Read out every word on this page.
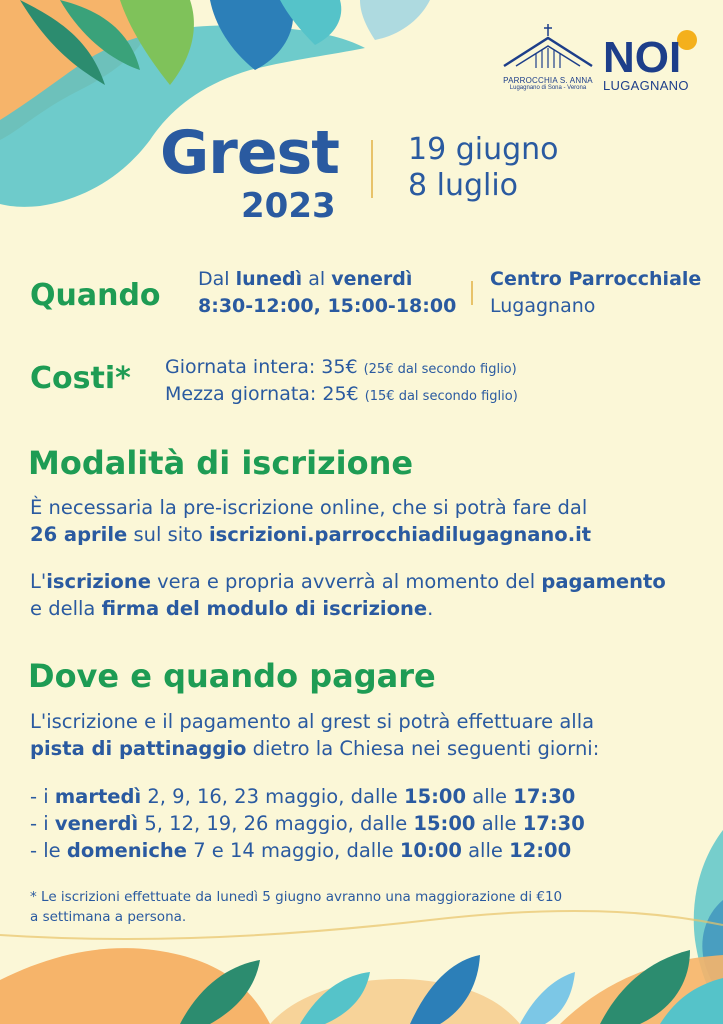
PARROCCHIA S. ANNA
Lugagnano di Sona - Verona
NOI
LUGAGNANO
Grest
2023
19 giugno
8 luglio
Quando Dal lunedì al venerdì
8:30-12:00, 15:00-18:00
Centro Parrocchiale
Lugagnano
Costi* Giornata intera: 35€ (25€ dal secondo figlio)
Mezza giornata: 25€ (15€ dal secondo figlio)
Modalità di iscrizione
È necessaria la pre-iscrizione online, che si potrà fare dal
26 aprile sul sito iscrizioni.parrocchiadilugagnano.it
L'iscrizione vera e propria avverrà al momento del pagamento
e della firma del modulo di iscrizione.
Dove e quando pagare
L'iscrizione e il pagamento al grest si potrà effettuare alla
pista di pattinaggio dietro la Chiesa nei seguenti giorni:
- i martedì 2, 9, 16, 23 maggio, dalle 15:00 alle 17:30
- i venerdì 5, 12, 19, 26 maggio, dalle 15:00 alle 17:30
- le domeniche 7 e 14 maggio, dalle 10:00 alle 12:00
* Le iscrizioni effettuate da lunedì 5 giugno avranno una maggiorazione di €10
a settimana a persona.
